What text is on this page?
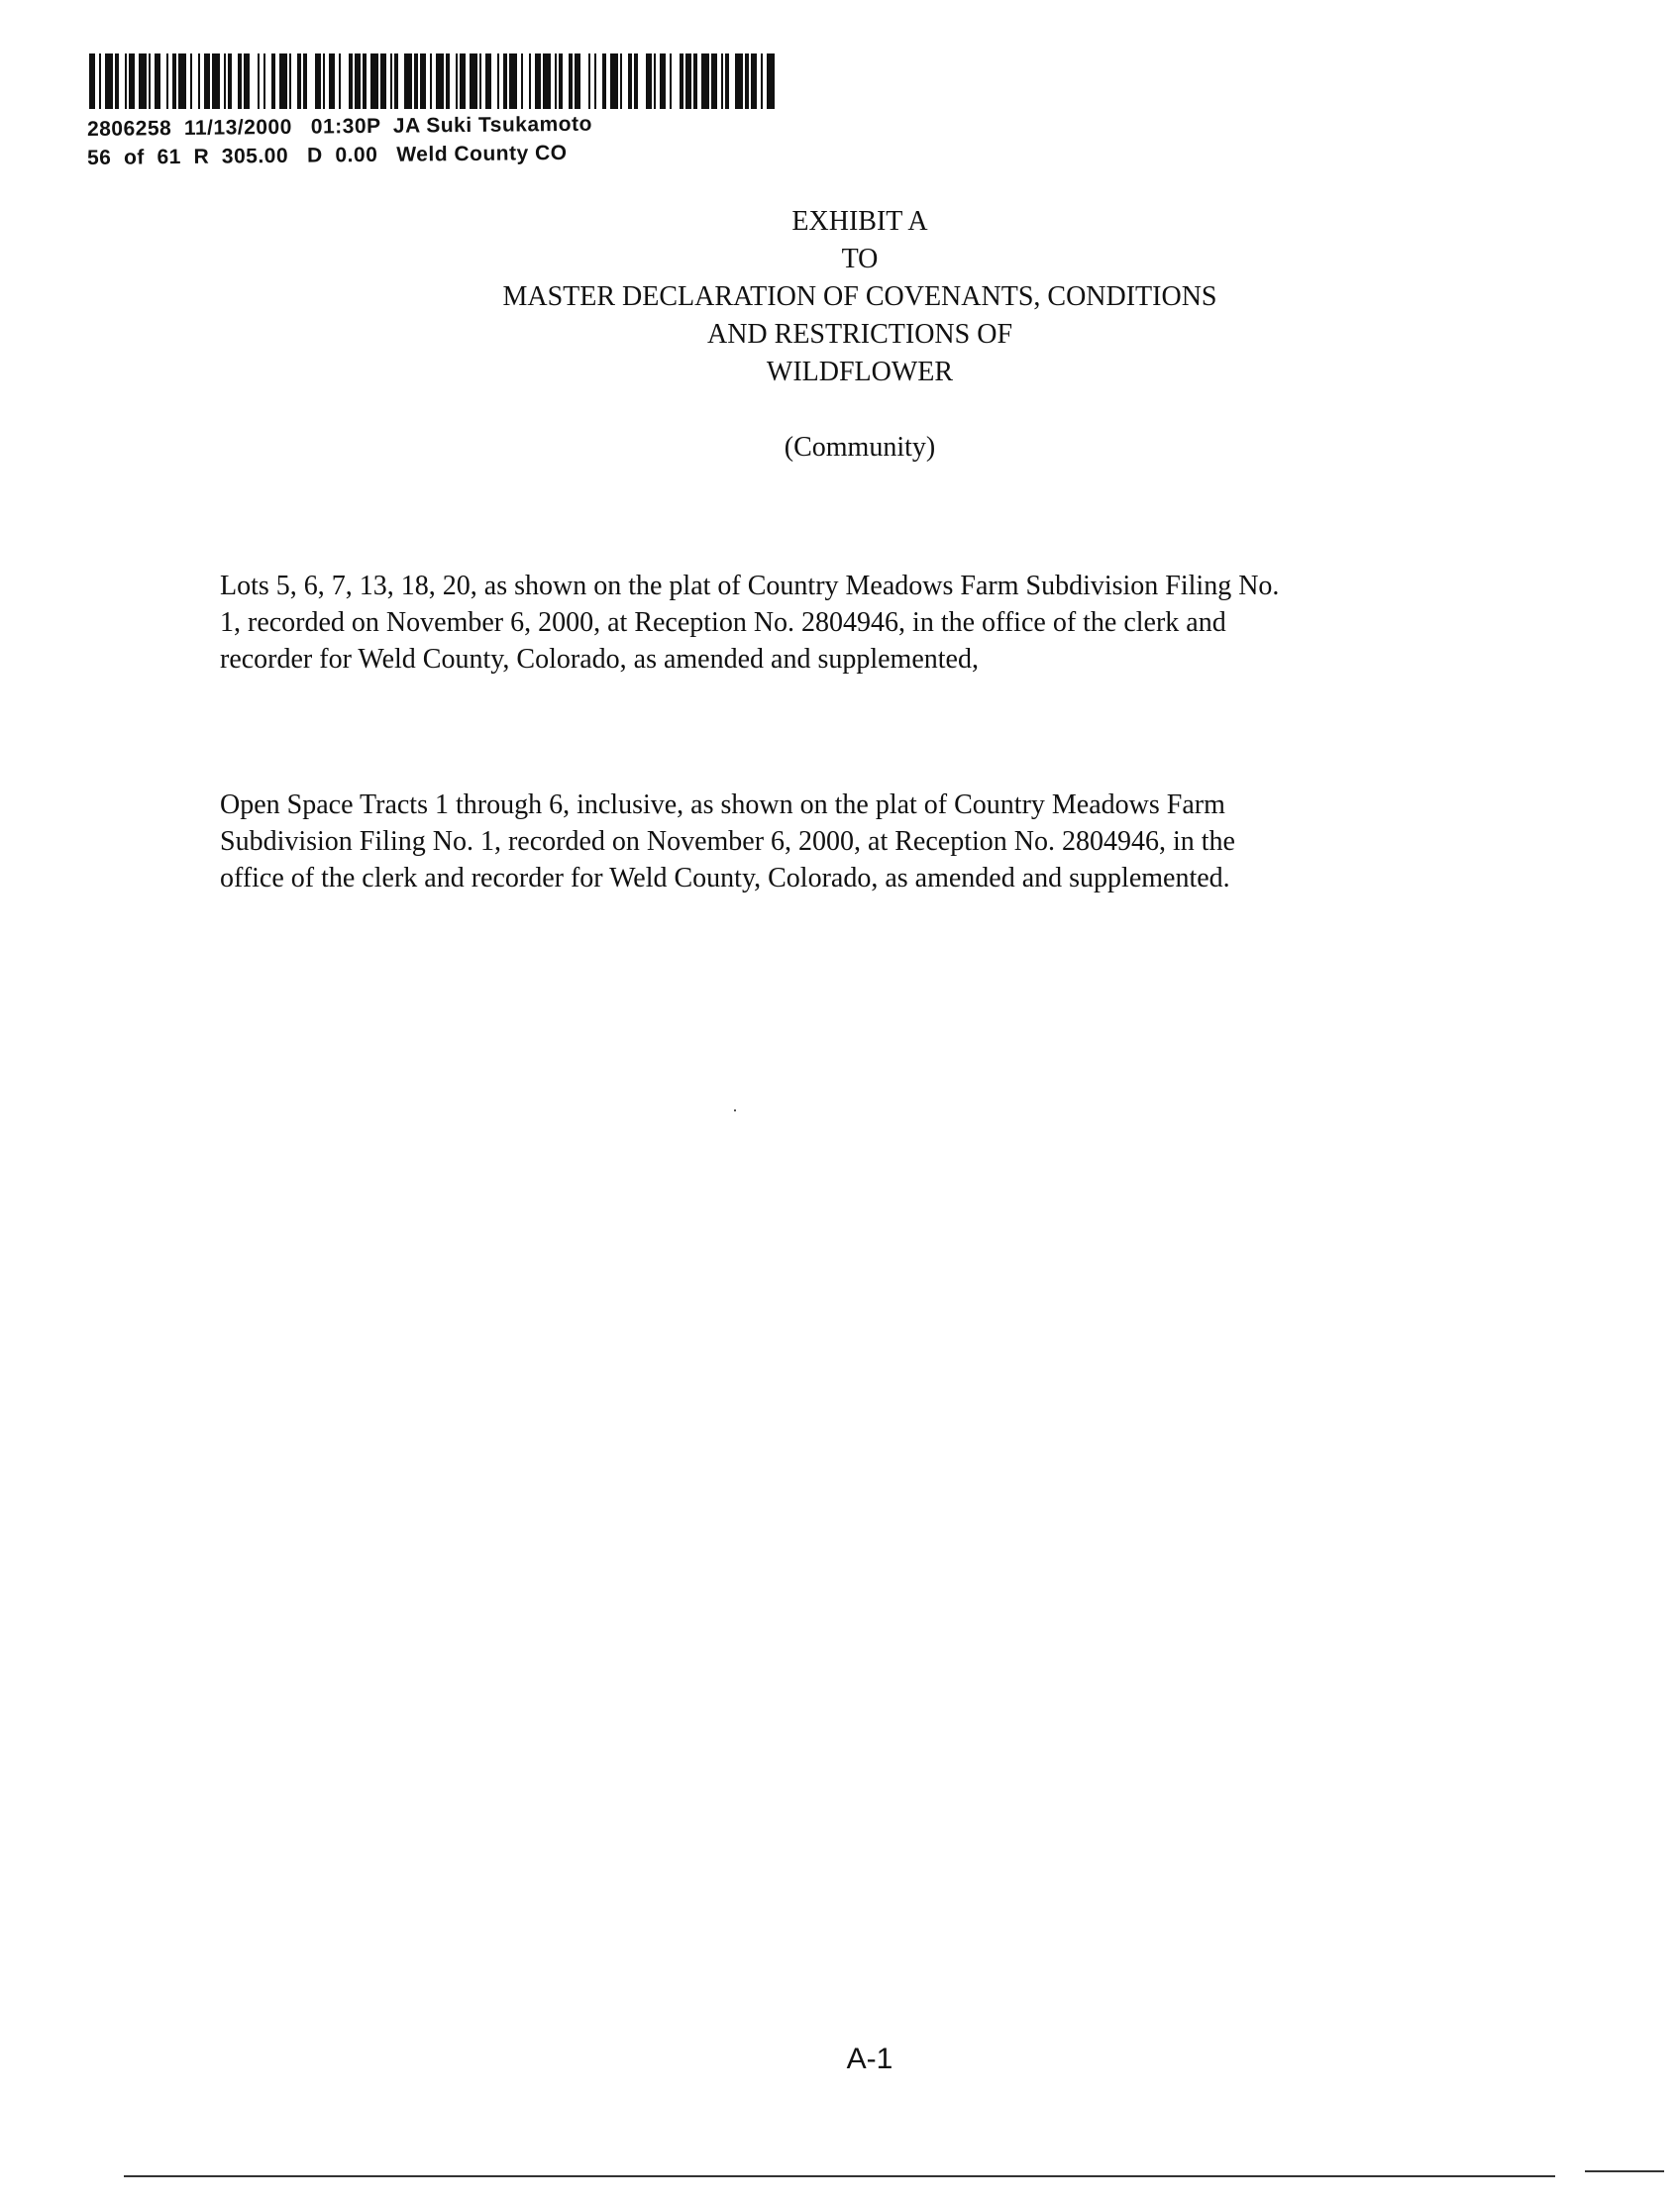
2806258  11/13/2000   01:30P  JA Suki Tsukamoto
56  of  61  R  305.00   D  0.00   Weld County CO
EXHIBIT A
TO
MASTER DECLARATION OF COVENANTS, CONDITIONS
AND RESTRICTIONS OF
WILDFLOWER
(Community)
Lots 5, 6, 7, 13, 18, 20, as shown on the plat of Country Meadows Farm Subdivision Filing No.
1, recorded on November 6, 2000, at Reception No. 2804946, in the office of the clerk and
recorder for Weld County, Colorado, as amended and supplemented,
Open Space Tracts 1 through 6, inclusive, as shown on the plat of Country Meadows Farm
Subdivision Filing No. 1, recorded on November 6, 2000, at Reception No. 2804946, in the
office of the clerk and recorder for Weld County, Colorado, as amended and supplemented.
A-1
